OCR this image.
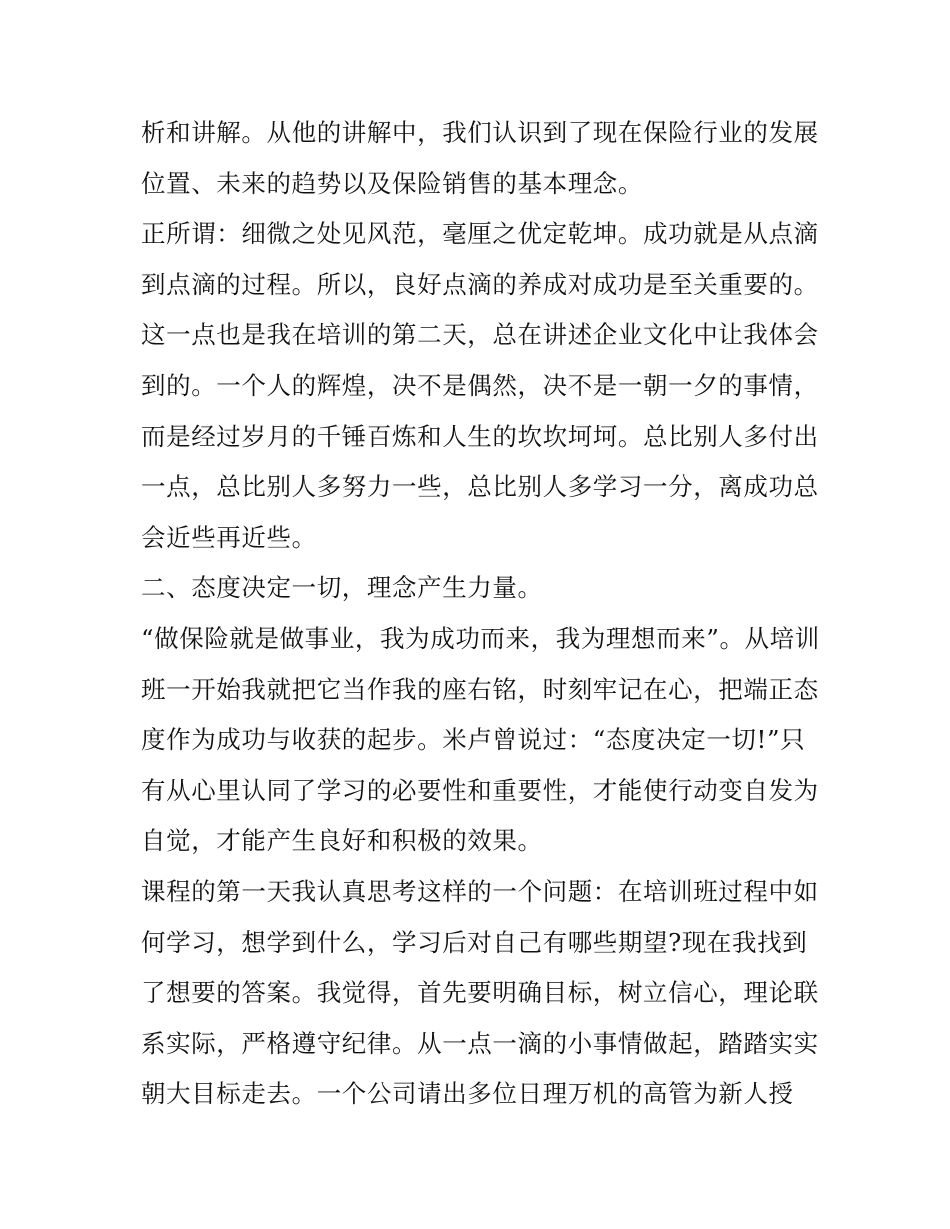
析和讲解。从他的讲解中，我们认识到了现在保险行业的发展
位置、未来的趋势以及保险销售的基本理念。
正所谓：细微之处见风范，毫厘之优定乾坤。成功就是从点滴
到点滴的过程。所以，良好点滴的养成对成功是至关重要的。
这一点也是我在培训的第二天，总在讲述企业文化中让我体会
到的。一个人的辉煌，决不是偶然，决不是一朝一夕的事情，
而是经过岁月的千锤百炼和人生的坎坎坷坷。总比别人多付出
一点，总比别人多努力一些，总比别人多学习一分，离成功总
会近些再近些。
二、态度决定一切，理念产生力量。
“做保险就是做事业，我为成功而来，我为理想而来”。从培训
班一开始我就把它当作我的座右铭，时刻牢记在心，把端正态
度作为成功与收获的起步。米卢曾说过：“态度决定一切!”只
有从心里认同了学习的必要性和重要性，才能使行动变自发为
自觉，才能产生良好和积极的效果。
课程的第一天我认真思考这样的一个问题：在培训班过程中如
何学习，想学到什么，学习后对自己有哪些期望?现在我找到
了想要的答案。我觉得，首先要明确目标，树立信心，理论联
系实际，严格遵守纪律。从一点一滴的小事情做起，踏踏实实
朝大目标走去。一个公司请出多位日理万机的高管为新人授
